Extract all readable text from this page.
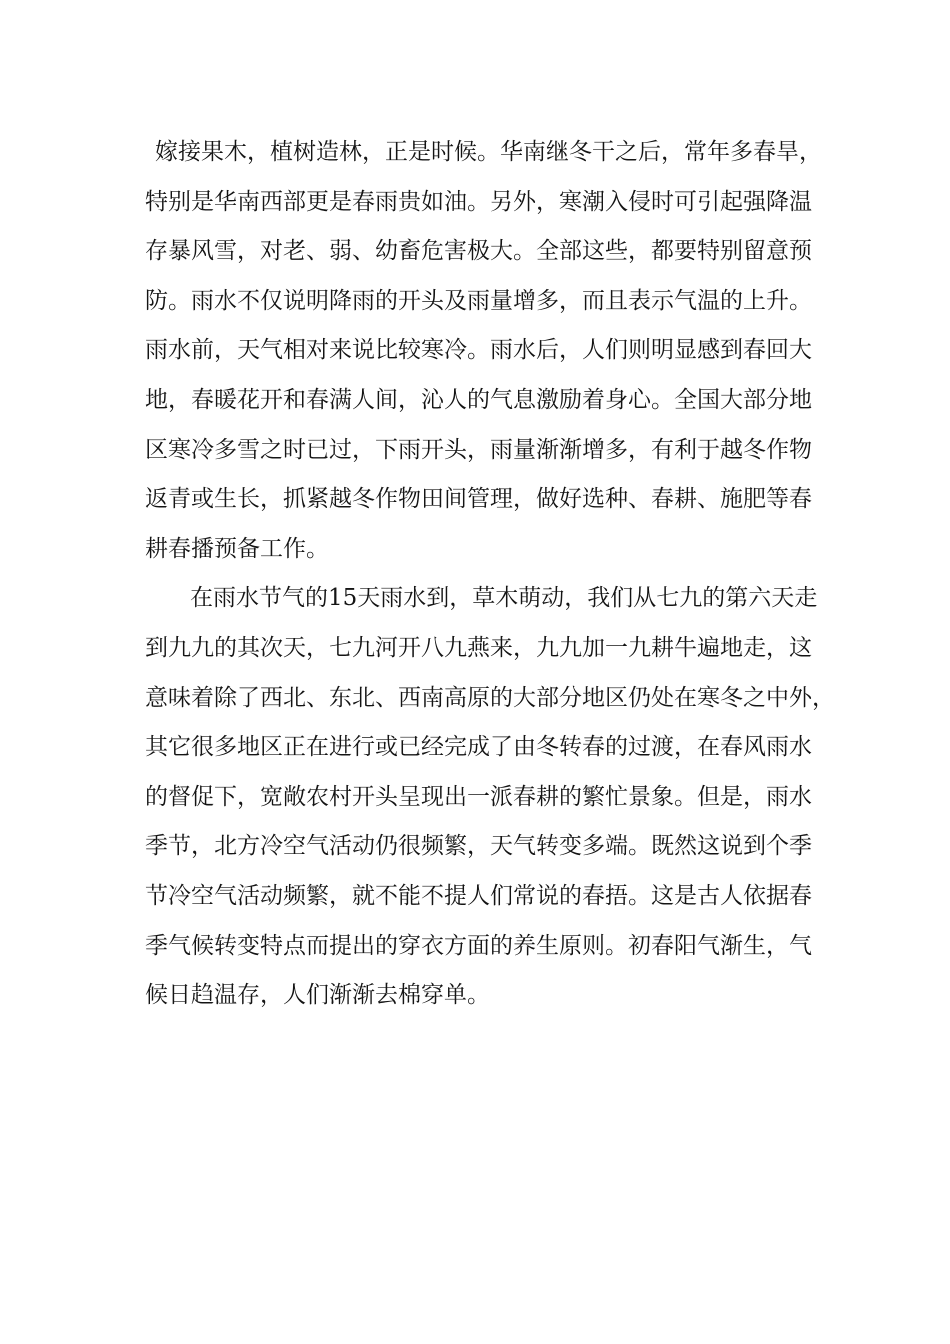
嫁接果木，植树造林，正是时候。华南继冬干之后，常年多春旱，
特别是华南西部更是春雨贵如油。另外，寒潮入侵时可引起强降温
存暴风雪，对老、弱、幼畜危害极大。全部这些，都要特别留意预
防。雨水不仅说明降雨的开头及雨量增多，而且表示气温的上升。
雨水前，天气相对来说比较寒冷。雨水后，人们则明显感到春回大
地，春暖花开和春满人间，沁人的气息激励着身心。全国大部分地
区寒冷多雪之时已过，下雨开头，雨量渐渐增多，有利于越冬作物
返青或生长，抓紧越冬作物田间管理，做好选种、春耕、施肥等春
耕春播预备工作。
在雨水节气的15天雨水到，草木萌动，我们从七九的第六天走
到九九的其次天，七九河开八九燕来，九九加一九耕牛遍地走，这
意味着除了西北、东北、西南高原的大部分地区仍处在寒冬之中外，
其它很多地区正在进行或已经完成了由冬转春的过渡，在春风雨水
的督促下，宽敞农村开头呈现出一派春耕的繁忙景象。但是，雨水
季节，北方冷空气活动仍很频繁，天气转变多端。既然这说到个季
节冷空气活动频繁，就不能不提人们常说的春捂。这是古人依据春
季气候转变特点而提出的穿衣方面的养生原则。初春阳气渐生，气
候日趋温存，人们渐渐去棉穿单。
